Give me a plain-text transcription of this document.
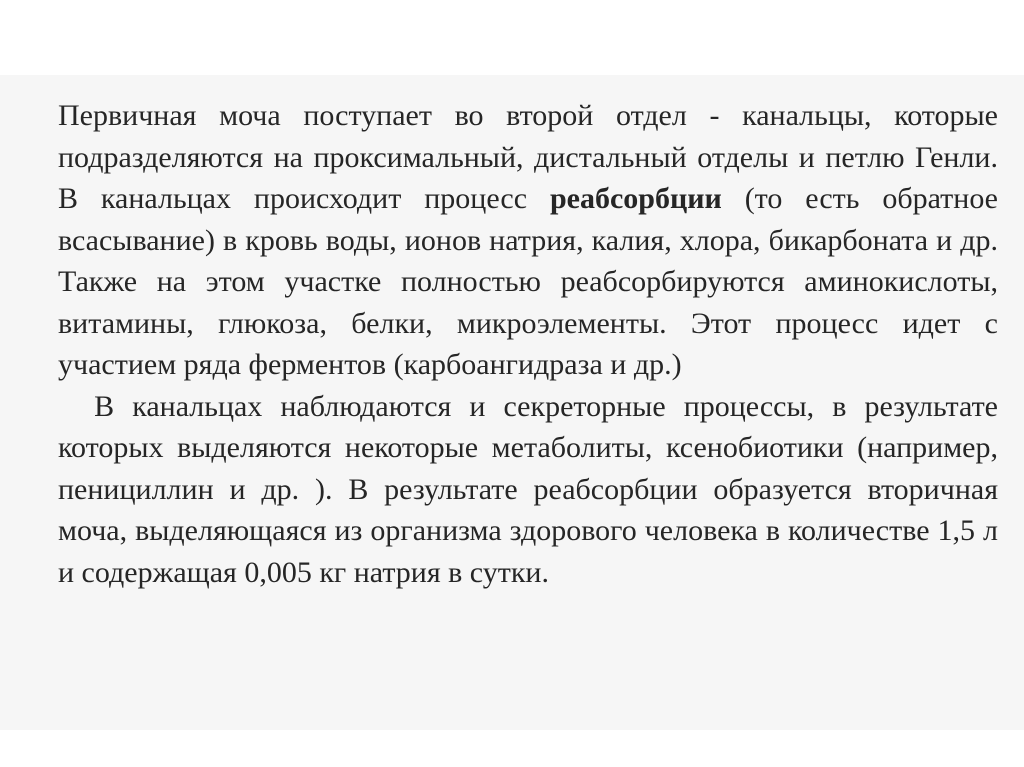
Первичная моча поступает во второй отдел - канальцы, которые подразделяются на проксимальный, дистальный отделы и петлю Генли. В канальцах происходит процесс реабсорбции (то есть обратное всасывание) в кровь воды, ионов натрия, калия, хлора, бикарбоната и др. Также на этом участке полностью реабсорбируются аминокислоты, витамины, глюкоза, белки, микроэлементы. Этот процесс идет с участием ряда ферментов (карбоангидраза и др.)

В канальцах наблюдаются и секреторные процессы, в результате которых выделяются некоторые метаболиты, ксенобиотики (например, пенициллин и др. ). В результате реабсорбции образуется вторичная моча, выделяющаяся из организма здорового человека в количестве 1,5 л и содержащая 0,005 кг натрия в сутки.
